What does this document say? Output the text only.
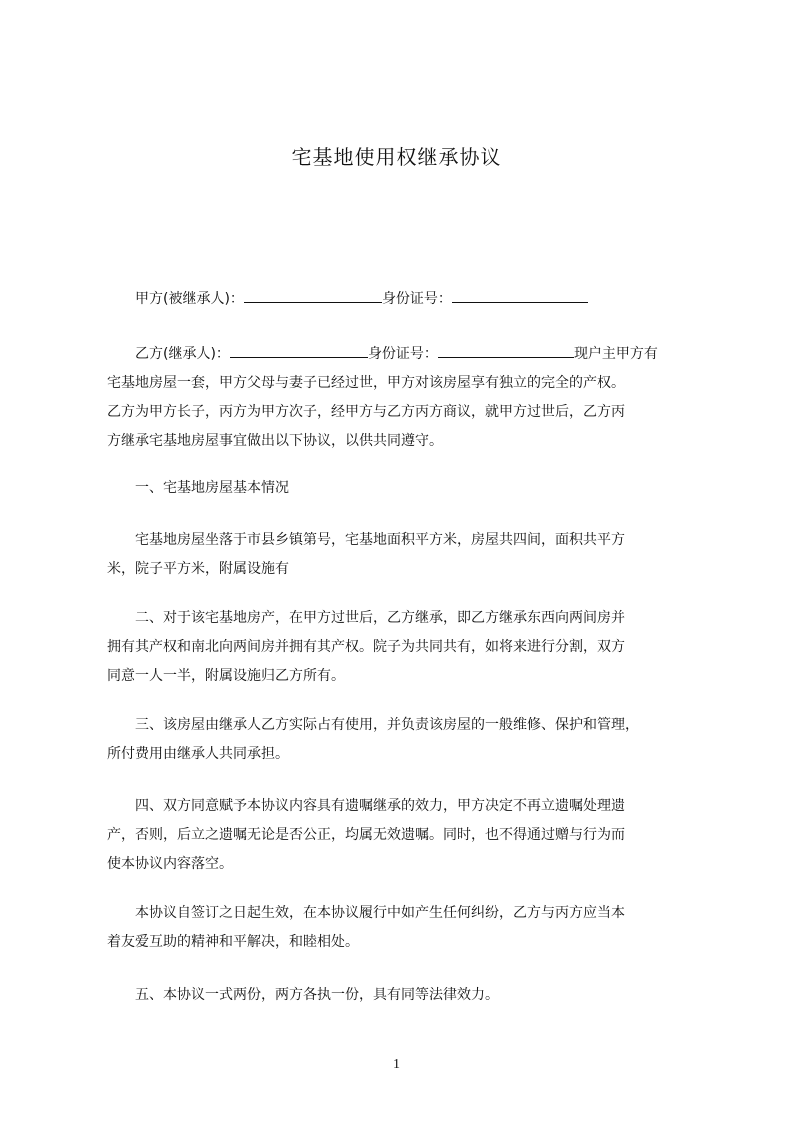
宅基地使用权继承协议
甲方(被继承人)：	身份证号：
乙方(继承人)：	身份证号：	现户主甲方有
宅基地房屋一套，甲方父母与妻子已经过世，甲方对该房屋享有独立的完全的产权。
乙方为甲方长子，丙方为甲方次子，经甲方与乙方丙方商议，就甲方过世后，乙方丙
方继承宅基地房屋事宜做出以下协议，以供共同遵守。
一、宅基地房屋基本情况
宅基地房屋坐落于市县乡镇第号，宅基地面积平方米，房屋共四间，面积共平方
米，院子平方米，附属设施有
二、对于该宅基地房产，在甲方过世后，乙方继承，即乙方继承东西向两间房并
拥有其产权和南北向两间房并拥有其产权。院子为共同共有，如将来进行分割，双方
同意一人一半，附属设施归乙方所有。
三、该房屋由继承人乙方实际占有使用，并负责该房屋的一般维修、保护和管理，
所付费用由继承人共同承担。
四、双方同意赋予本协议内容具有遗嘱继承的效力，甲方决定不再立遗嘱处理遗
产，否则，后立之遗嘱无论是否公正，均属无效遗嘱。同时，也不得通过赠与行为而
使本协议内容落空。
本协议自签订之日起生效，在本协议履行中如产生任何纠纷，乙方与丙方应当本
着友爱互助的精神和平解决，和睦相处。
五、本协议一式两份，两方各执一份，具有同等法律效力。
1
